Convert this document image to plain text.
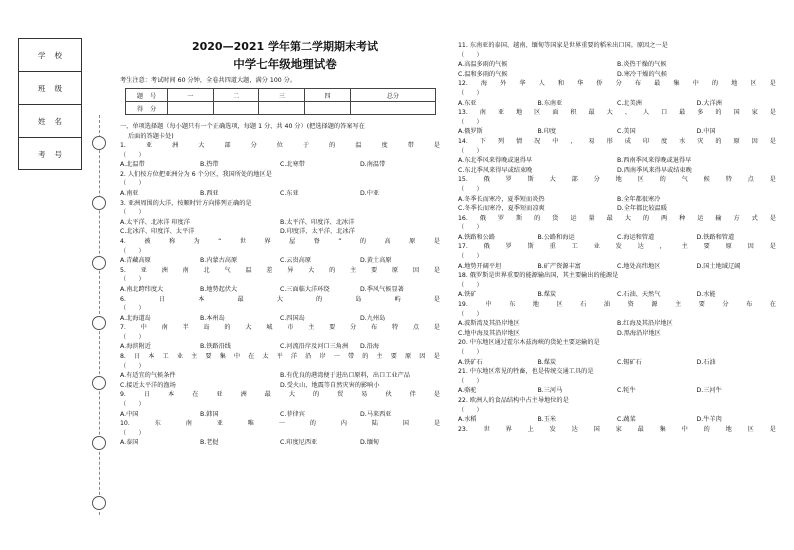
学校
班级
姓名
考号
2020—2021 学年第二学期期末考试
中学七年级地理试卷
考生注意：考试时间 60 分钟，全卷共四道大题，满分 100 分。
题号	一	二	三	四	总分
得分					
一、单项选择题（每小题只有一个正确选项，每题 1 分，共 40 分）(把选择题的答案写在
后面的答题卡处)
1.	亚	洲	大	部	分	位	于	的	温	度	带	是
（　　）
A.北温带	B.热带	C.北寒带	D.南温带
2. 人们按方位把亚洲分为 6 个分区，我国所处的地区是
（　　）
A.南亚	B.西亚	C.东亚	D.中亚
3. 亚洲周围的大洋，按顺时针方向排列正确的是
（　　）
A.太平洋、北冰洋 印度洋	B.太平洋、印度洋、北冰洋
C.北冰洋、印度洋、太平洋	D.印度洋、太平洋、北冰洋
4.	被	称	为	“	世	界	屋	脊	”	的	高	原	是
（　　）
A.青藏高原	B.内蒙古高原	C.云贵高原	D.黄土高原
5. 亚 洲 南 北 气 温 差 异 大 的 主 要 原 因 是
（　　）
A.南北跨纬度大	B.地势起伏大	C.三面临大洋环绕	D.季风气候显著
6.	日	本	最	大	的	岛	屿	是
（　　）
A.北海道岛	B.本州岛	C.四国岛	D.九州岛
7. 中 南 半 岛 的 大 城 市 主 要 分 布 特 点 是
（　　）
A.海滨附近	B.铁路沿线	C.河流沿岸及河口三角洲 D.沿海
8. 日 本 工 业 主 要 集 中 在 太 平 洋 沿 岸 一 带 的 主 要 原 因 是
（　　）
A.有适宜的气候条件	B.有优良的港湾便于进出口原料，出口工业产品
C.接近太平洋的渔场	D.受火山、地震等自然灾害的影响小
9.	日	本	在	亚	洲	最	大	的	贸	易	伙	伴	是
（　　）
A.中国	B.韩国	C.菲律宾	D.马来西亚
10.	东	南	亚	唯	一	的	内	陆	国	是
（　　）
A.泰国	B.老挝	C.印度尼西亚	D.缅甸
11. 东南亚的泰国、越南、缅甸等国家是世界重要的稻米出口国。原因之一是
（　　）
A.高温多雨的气候	B.炎热干燥的气候
C.温和多雨的气候	D.寒冷干燥的气候
12. 海 外 华 人 和 华 侨 分 布 最 集 中 的 地 区 是
（　　）
A.东亚	B.东南亚	C.北美洲	D.大洋洲
13. 南 亚 地 区 面 积 最 大 、 人 口 最 多 的 国 家 是
（　　）
A.俄罗斯	B.印度	C.美国	D.中国
14. 下 列 情 况 中 ， 易 形 成 印 度 水 灾 的 原 因 是
（　　）
A.东北季风来得晚或退得早	B.西南季风来得晚或退得早
C.东北季风来得早或结束晚	D.西南季风来得早或结束晚
15.	俄	罗	斯	大	部	分	地	区	的	气	候	特	点	是
（　　）
A.冬季长而寒冷，夏季短而炎热	B.全年都很寒冷
C.冬季长而寒冷，夏季短而凉爽	D.全年都比较温暖
16. 俄 罗 斯 的 货 运 量 最 大 的 两 种 运 输 方 式 是
（　　）
A.铁路和公路	B.公路和海运	C.海运和管道	D.铁路和管道
17.	俄	罗	斯	重	工	业	发	达	，	主	要	原	因	是
（　　）
A.地势开阔平坦	B.矿产资源丰富	C.地处高纬地区	D.国土地域辽阔
18. 俄罗斯是世界重要的能源输出国，其主要输出的能源是
（　　）
A.铁矿	B.煤炭	C.石油、天然气	D.水能
19.	中	东	地	区	石	油	资	源	主	要	分	布	在
（　　）
A.波斯湾及其沿岸地区	B.红海及其沿岸地区
C.地中海及其沿岸地区	D.黑海沿岸地区
20. 中东地区通过霍尔木兹海峡的货轮主要运输的是
（　　）
A.铁矿石	B.煤炭	C.锡矿石	D.石油
21. 中东地区常见的牲畜，也是传统交通工具的是
（　　）
A.骆驼	B.三河马	C.牦牛	D.三河牛
22. 欧洲人的食品结构中占主导地位的是
（　　）
A.水稻	B.玉米	C.蔬菜	D.牛羊肉
23.	世	界	上	发	达	国	家	最	集	中	的	地	区	是
